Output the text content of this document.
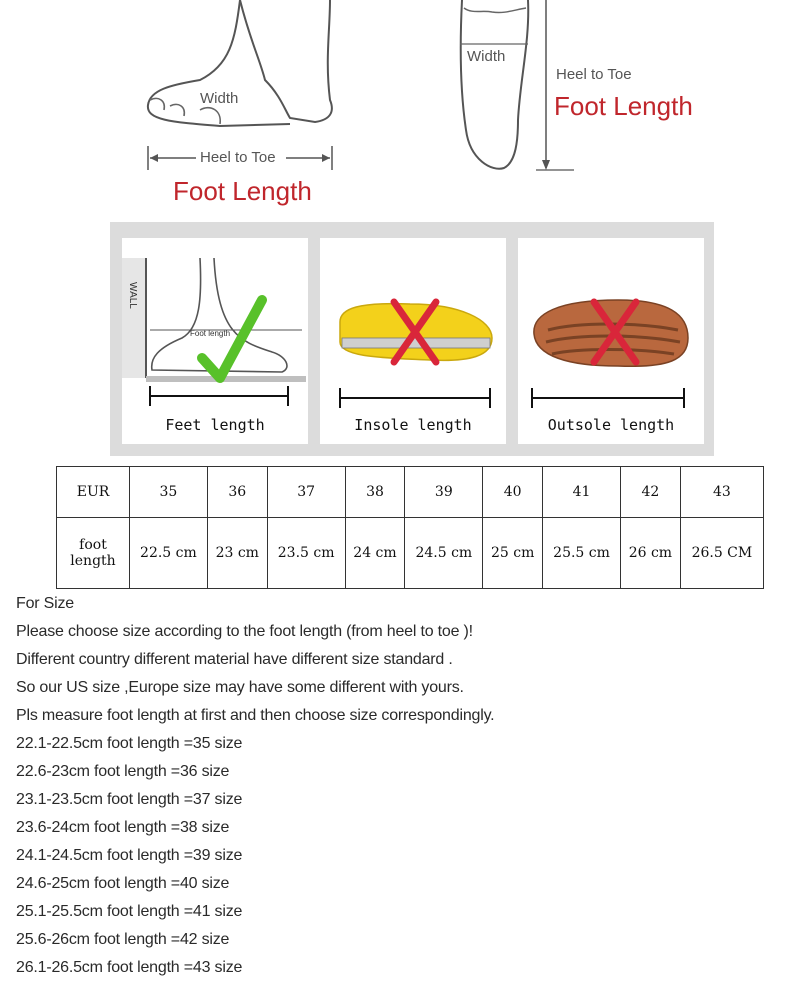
Width
Heel to Toe
Foot Length
Width
Heel to Toe
Foot Length
WALL
Foot length
Feet length	Insole length	Outsole length
EUR	35	36	37	38	39	40	41	42	43

foot
length	22.5 cm	23 cm	23.5 cm	24 cm	24.5 cm	25 cm	25.5 cm	26 cm	26.5 CM
For Size
Please choose size according to the foot length (from heel to toe )!
Different country different material have different size standard .
So our US size ,Europe size may have some different with yours.
Pls measure foot length at first and then choose size correspondingly.
22.1-22.5cm foot length =35 size
22.6-23cm foot length =36 size
23.1-23.5cm foot length =37 size
23.6-24cm foot length =38 size
24.1-24.5cm foot length =39 size
24.6-25cm foot length =40 size
25.1-25.5cm foot length =41 size
25.6-26cm foot length =42 size
26.1-26.5cm foot length =43 size
